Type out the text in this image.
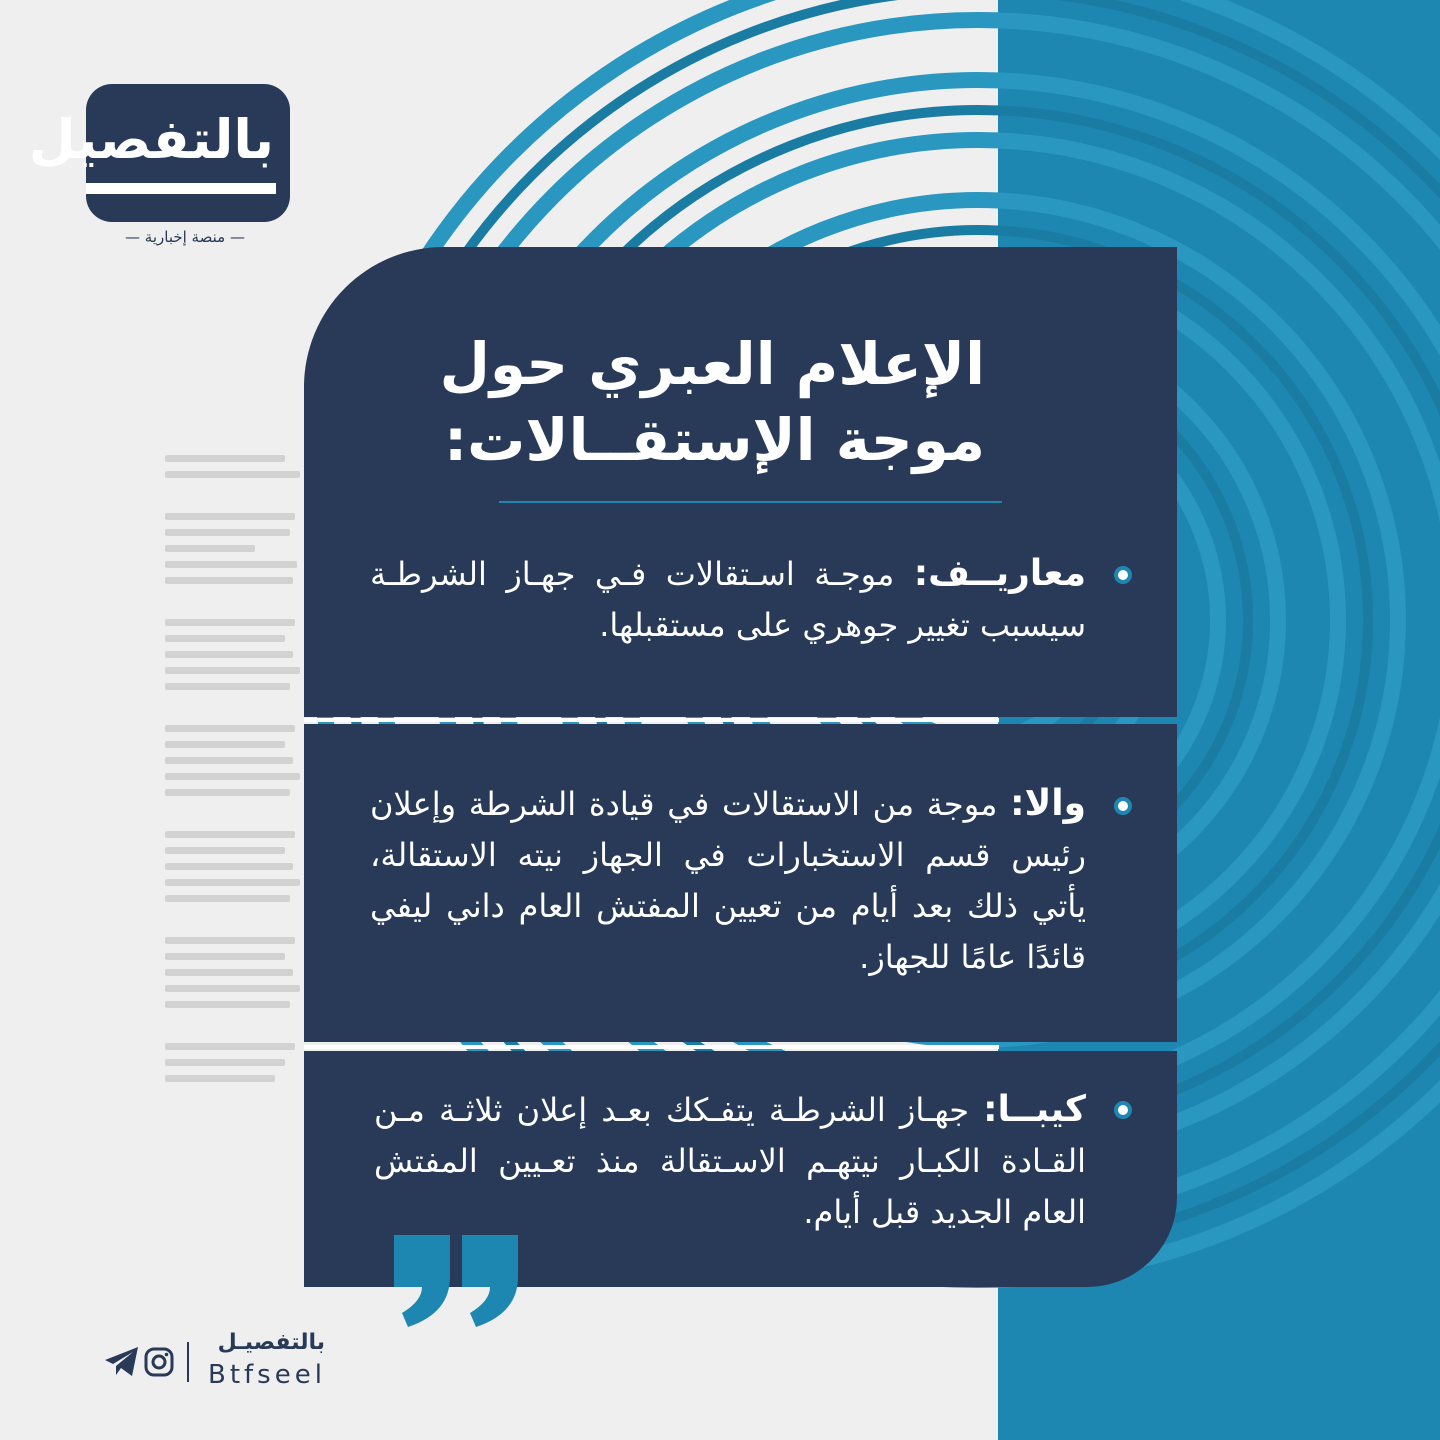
بالتفصيل
— منصة إخبارية —
الإعلام العبري حول
موجة الإستقــالات:
معاريــف: موجـة اسـتقالات فـي جهـاز الشرطـة سيسبب تغيير جوهري على مستقبلها.
والا: موجة من الاستقالات في قيادة الشرطة وإعلان رئيس قسم الاستخبارات في الجهاز نيته الاستقالة، يأتي ذلك بعد أيام من تعيين المفتش العام داني ليفي قائدًا عامًا للجهاز.
كيبــا: جهـاز الشرطـة يتفـكك بعـد إعلان ثلاثـة مـن القـادة الكبـار نيتهـم الاسـتقالة منذ تعـيين المفتش العام الجديد قبل أيام.
بالتفصيـل
Btfseel
